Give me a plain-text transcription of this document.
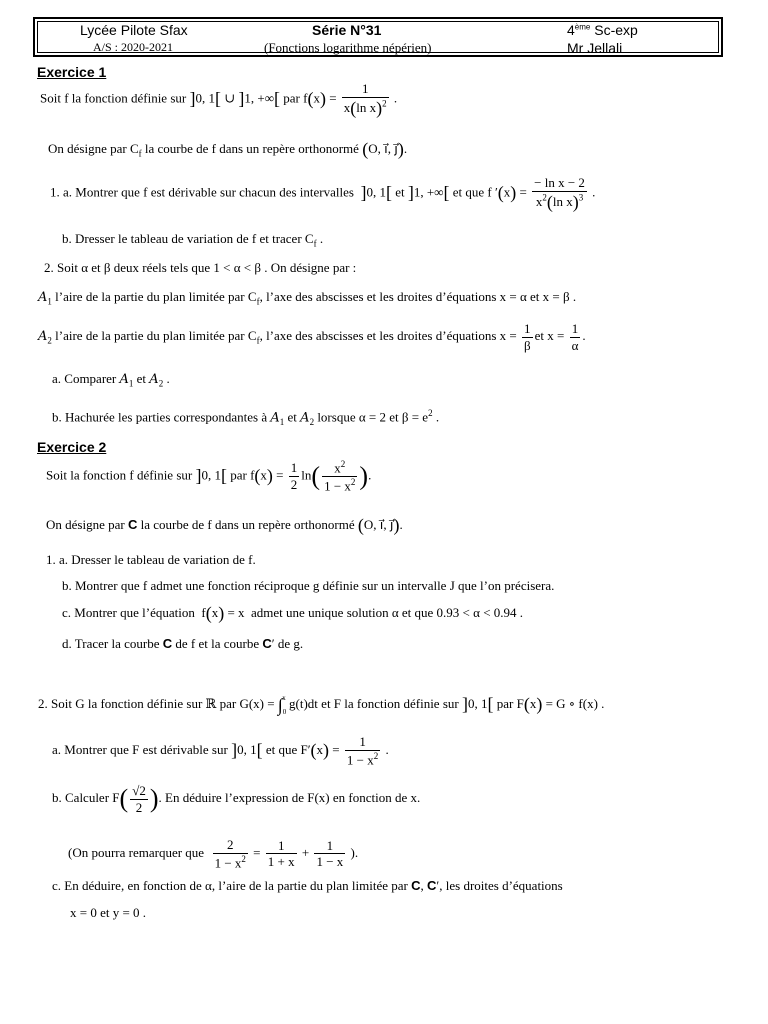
Lycée Pilote Sfax
A/S : 2020-2021
Série N°31
(Fonctions logarithme népérien)
4ème Sc-exp
Mr Jellali
Exercice 1
Soit f la fonction définie sur ]0, 1[ ∪ ]1, +∞[ par $f(x) = \frac{1}{x(\ln x)^2}$ .
On désigne par $C_f$ la courbe de f dans un repère orthonormé (O, i⃗, j⃗).
1. a. Montrer que f est dérivable sur chacun des intervalles ]0, 1[ et ]1, +∞[ et que f $'(x) = \frac{\text{− ln x − 2}}{x^2(\ln x)^3}$ .
b. Dresser le tableau de variation de f et tracer $C_f$ .
2. Soit α et β deux réels tels que 1 < α < β . On désigne par :
$A_1$ l’aire de la partie du plan limitée par $C_f$, l’axe des abscisses et les droites d’équations x = α et x = β .
$A_2$ l’aire de la partie du plan limitée par $C_f$, l’axe des abscisses et les droites d’équations $x = \frac{1}{\beta}$ et $x = \frac{1}{\alpha}$ .
a. Comparer $A_1$ et $A_2$ .
b. Hachurée les parties correspondantes à $A_1$ et $A_2$ lorsque α = 2 et $\beta = e^2$ .
Exercice 2
Soit la fonction f définie sur ]0, 1[ par $f(x) = \frac{1}{2} \ln( \frac{x^2}{1 - x^2}$ ).
On désigne par C la courbe de f dans un repère orthonormé (O, i⃗, j⃗).
1. a. Dresser le tableau de variation de f.
b. Montrer que f admet une fonction réciproque g définie sur un intervalle J que l’on précisera.
c. Montrer que l’équation  f(x) = x  admet une unique solution α et que 0.93 < α < 0.94 .
d. Tracer la courbe C de f et la courbe C′ de g.
2. Soit G la fonction définie sur ℝ par $G(x) = \int_0^x$ g(t)dt et F la fonction définie sur ]0, 1[ par F(x) = G ∘ f(x) .
a. Montrer que F est dérivable sur ]0, 1[ et que $F'(x) = \frac{1}{1 - x^2}$ .
b. Calculer $F( \frac{√2}{2}$ ). En déduire l’expression de F(x) en fonction de x.
(On pourra remarquer que $\frac{2}{1 - x^2} = \frac{1}{1 + x} + \frac{1}{1 - x}$ ).
c. En déduire, en fonction de α, l’aire de la partie du plan limitée par C, C′, les droites d’équations
x = 0 et y = 0 .
